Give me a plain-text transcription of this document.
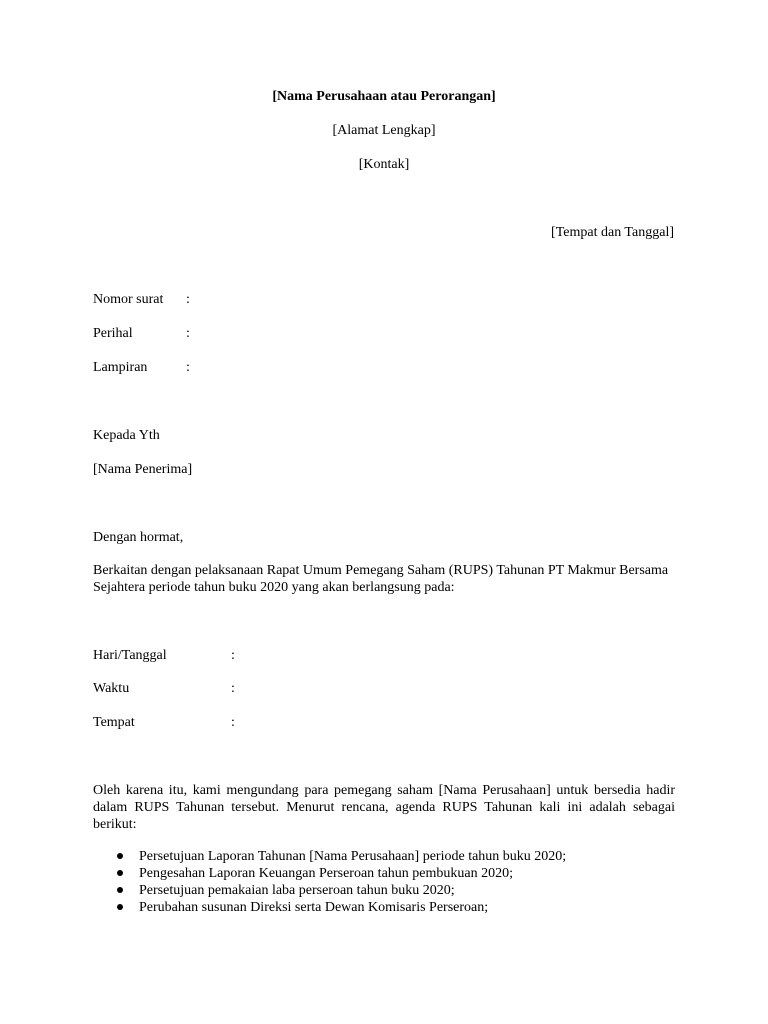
[Nama Perusahaan atau Perorangan]
[Alamat Lengkap]
[Kontak]
[Tempat dan Tanggal]
Nomor surat :
Perihal	:
Lampiran	:
Kepada Yth
[Nama Penerima]
Dengan hormat,
Berkaitan dengan pelaksanaan Rapat Umum Pemegang Saham (RUPS) Tahunan PT Makmur Bersama Sejahtera periode tahun buku 2020 yang akan berlangsung pada:
Hari/Tanggal	:
Waktu	:
Tempat	:
Oleh karena itu, kami mengundang para pemegang saham [Nama Perusahaan] untuk bersedia hadir dalam RUPS Tahunan tersebut. Menurut rencana, agenda RUPS Tahunan kali ini adalah sebagai berikut:
Persetujuan Laporan Tahunan [Nama Perusahaan] periode tahun buku 2020;
Pengesahan Laporan Keuangan Perseroan tahun pembukuan 2020;
Persetujuan pemakaian laba perseroan tahun buku 2020;
Perubahan susunan Direksi serta Dewan Komisaris Perseroan;
